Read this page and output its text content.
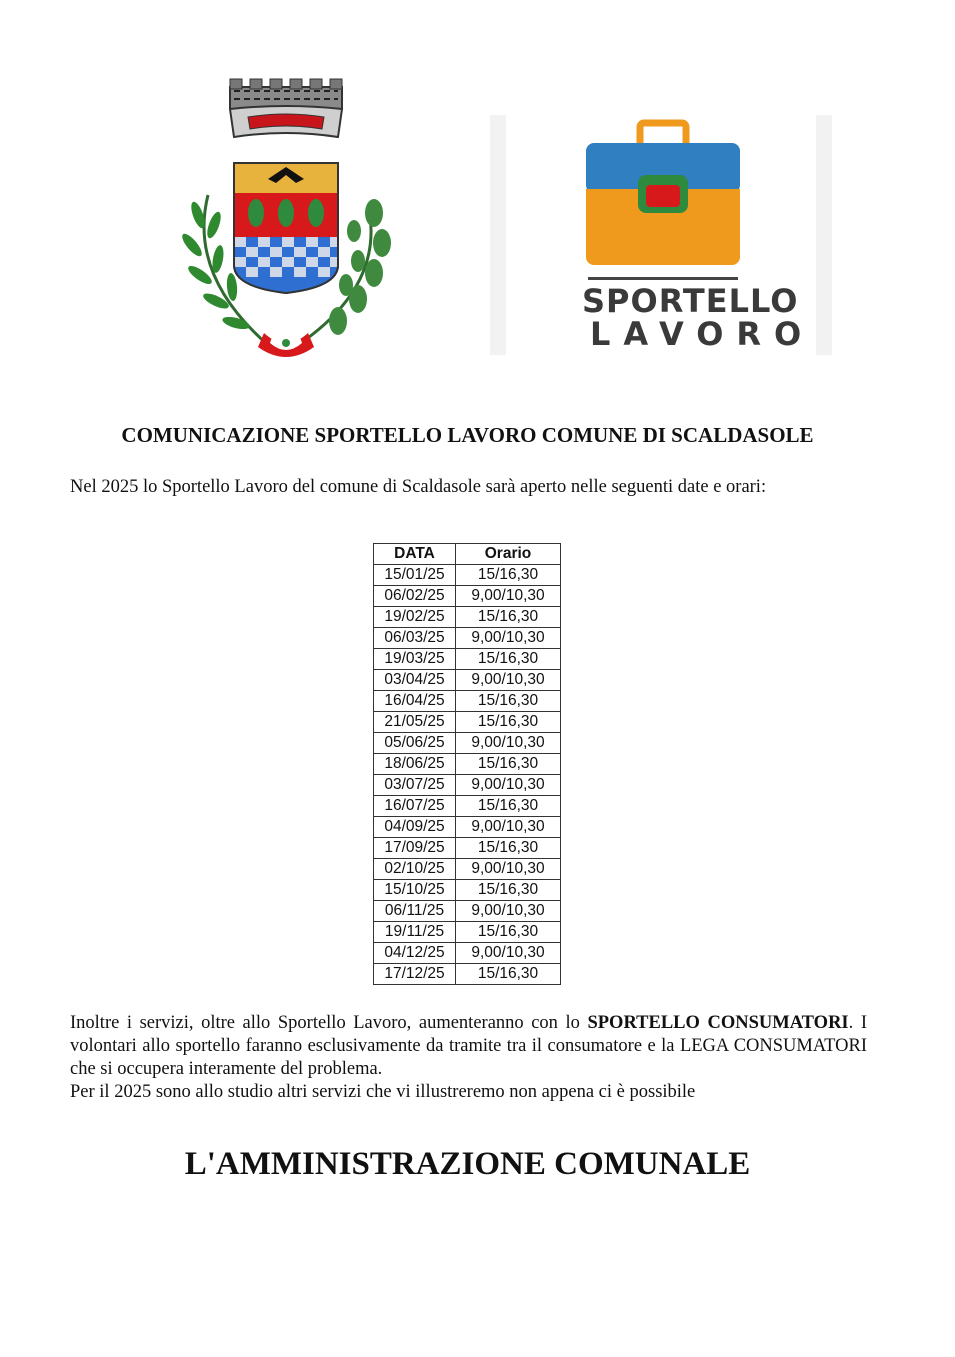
SPORTELLO
LAVORO
COMUNICAZIONE SPORTELLO LAVORO COMUNE DI SCALDASOLE
Nel 2025 lo Sportello Lavoro del comune di Scaldasole sarà aperto nelle seguenti date e orari:
DATA	Orario
15/01/25	15/16,30
06/02/25	9,00/10,30
19/02/25	15/16,30
06/03/25	9,00/10,30
19/03/25	15/16,30
03/04/25	9,00/10,30
16/04/25	15/16,30
21/05/25	15/16,30
05/06/25	9,00/10,30
18/06/25	15/16,30
03/07/25	9,00/10,30
16/07/25	15/16,30
04/09/25	9,00/10,30
17/09/25	15/16,30
02/10/25	9,00/10,30
15/10/25	15/16,30
06/11/25	9,00/10,30
19/11/25	15/16,30
04/12/25	9,00/10,30
17/12/25	15/16,30

Inoltre i servizi, oltre allo Sportello Lavoro, aumenteranno con lo SPORTELLO CONSUMATORI. I volontari allo sportello faranno esclusivamente da tramite tra il consumatore e la LEGA CONSUMATORI che si occupera interamente del problema.

Per il 2025 sono allo studio altri servizi che vi illustreremo non appena ci è possibile

L'AMMINISTRAZIONE COMUNALE
